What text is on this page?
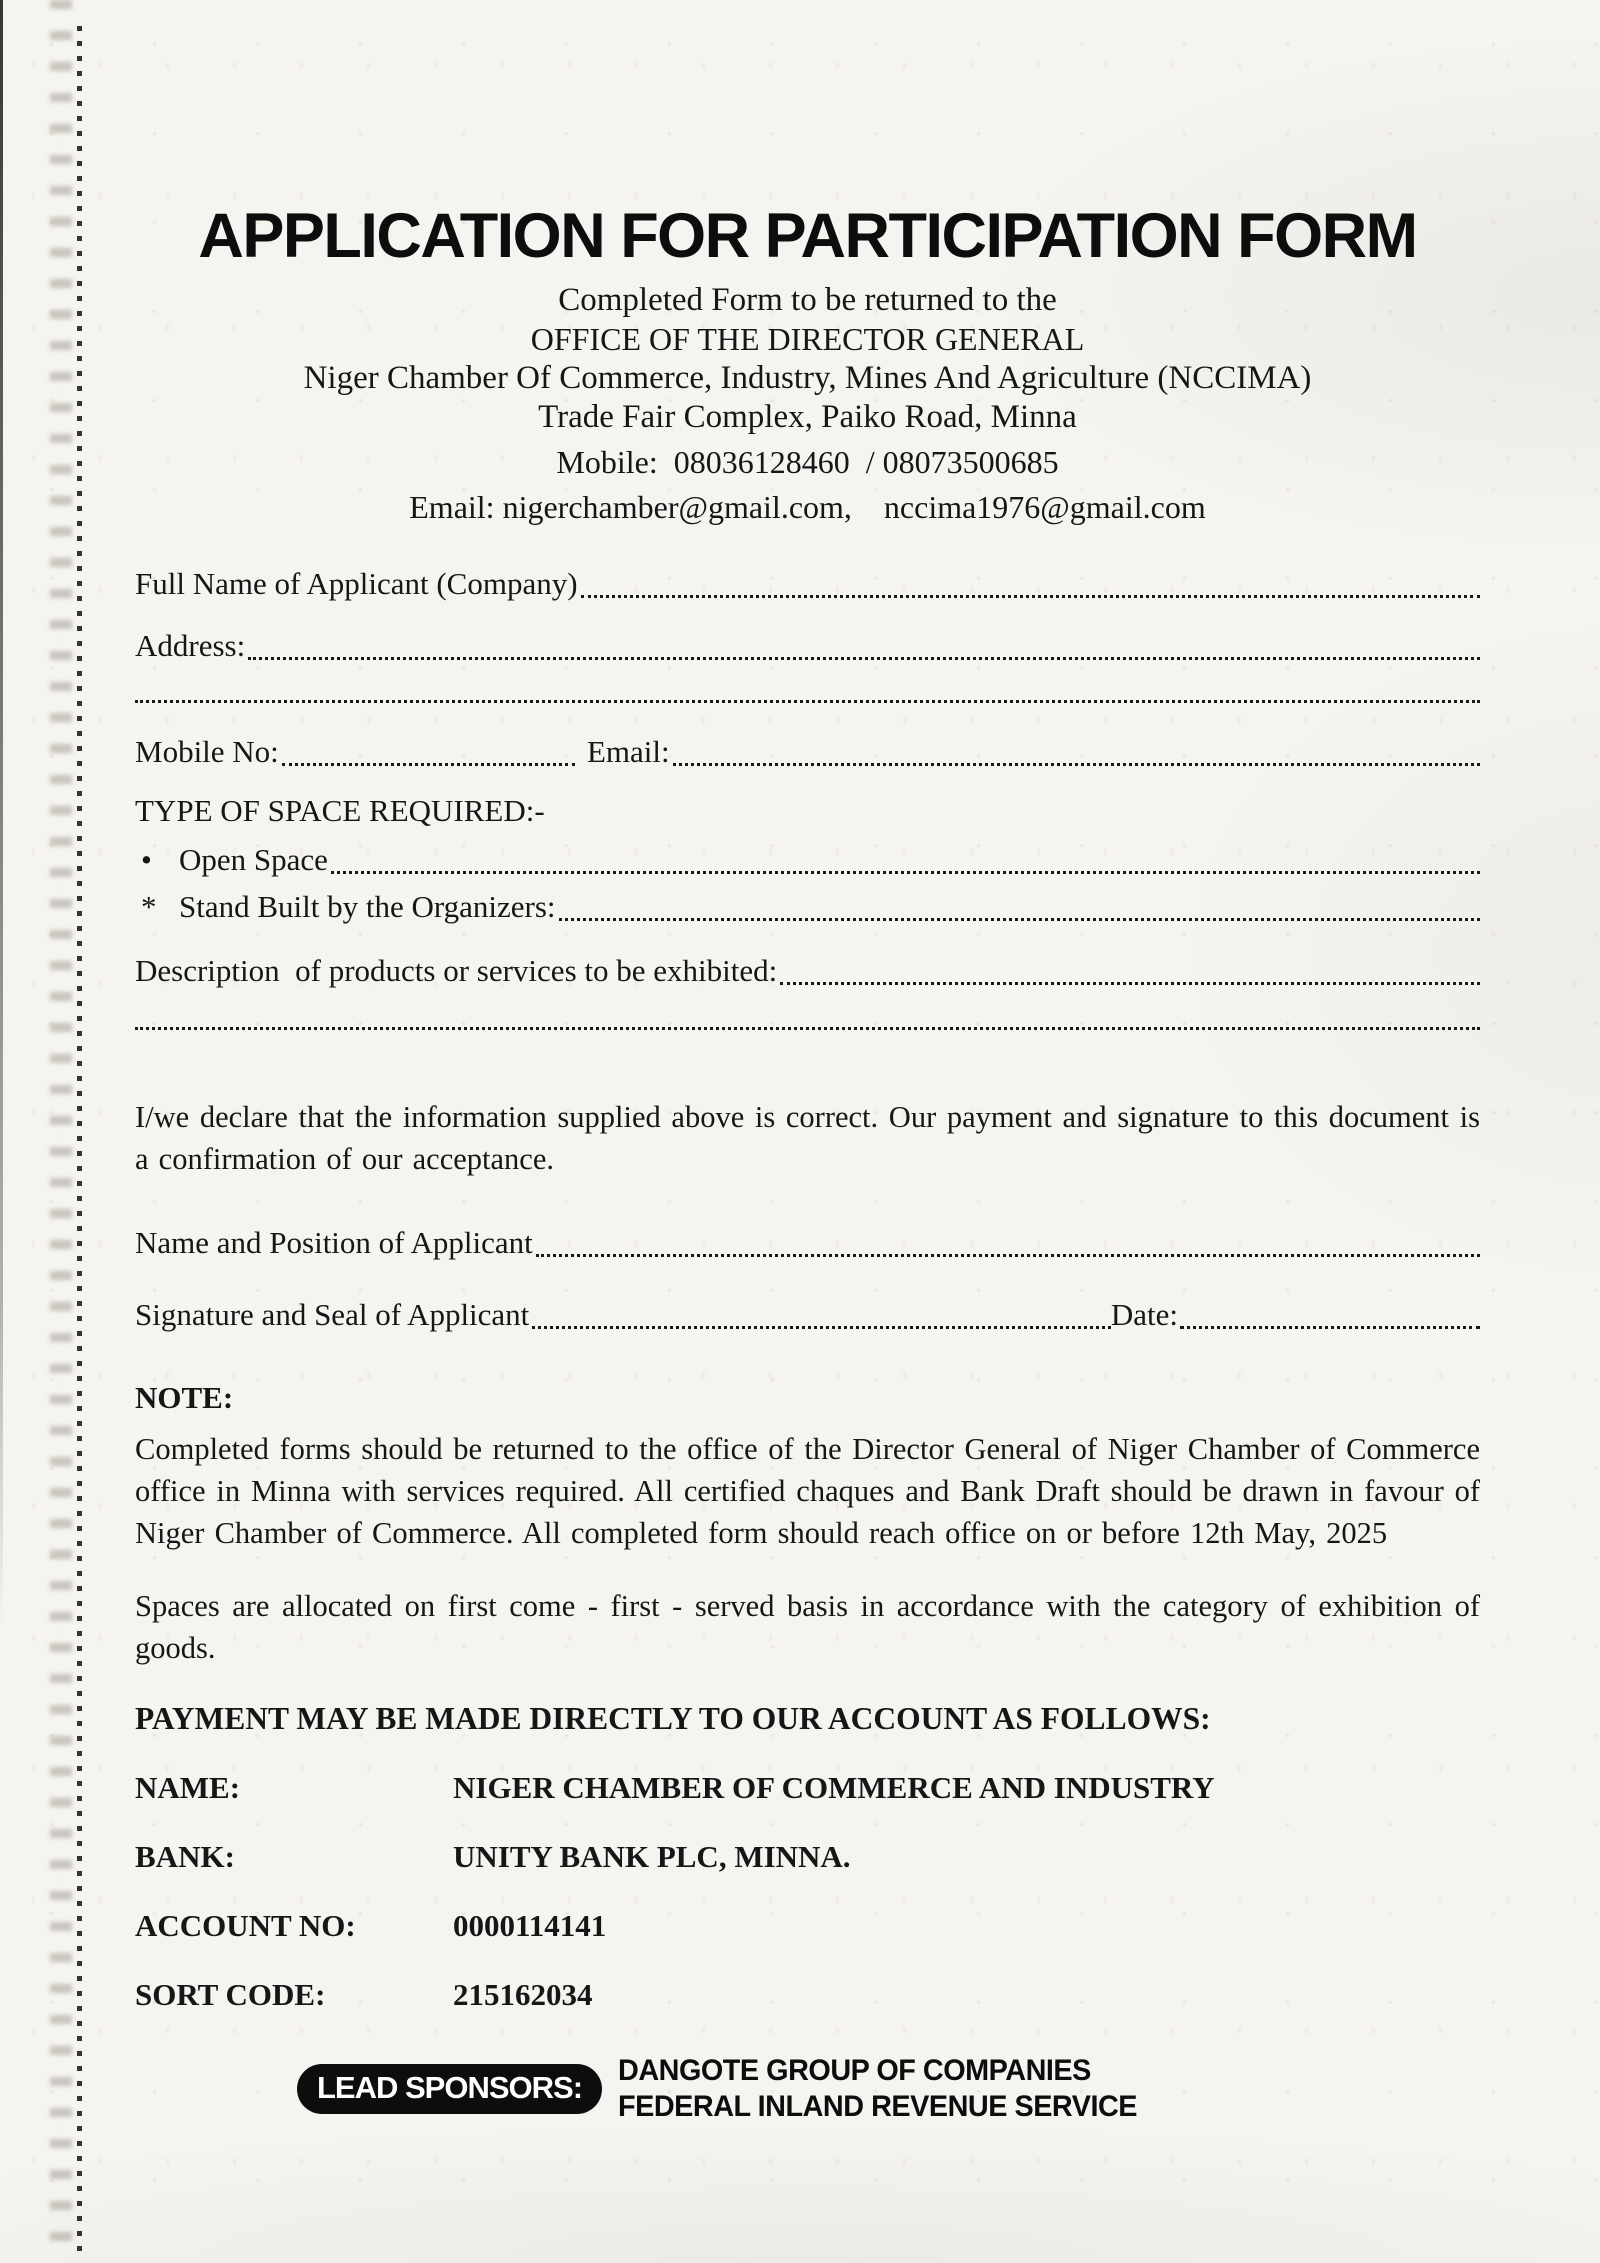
APPLICATION FOR PARTICIPATION FORM
Completed Form to be returned to the
OFFICE OF THE DIRECTOR GENERAL
Niger Chamber Of Commerce, Industry, Mines And Agriculture (NCCIMA)
Trade Fair Complex, Paiko Road, Minna
Mobile:  08036128460  / 08073500685
Email: nigerchamber@gmail.com,    nccima1976@gmail.com
Full Name of Applicant (Company)
Address:
Mobile No:	Email:
TYPE OF SPACE REQUIRED:-
• Open Space
* Stand Built by the Organizers:
Description  of products or services to be exhibited:

I/we declare that the information supplied above is correct. Our payment and signature to this document is a confirmation of our acceptance.

Name and Position of Applicant
Signature and Seal of Applicant	Date:
NOTE:

Completed forms should be returned to the office of the Director General of Niger Chamber of Commerce office in Minna with services required. All certified chaques and Bank Draft should be drawn in favour of Niger Chamber of Commerce. All completed form should reach office on or before 12th May, 2025

Spaces are allocated on first come - first - served basis in accordance with the category of exhibition of goods.

PAYMENT MAY BE MADE DIRECTLY TO OUR ACCOUNT AS FOLLOWS:
NAME:	NIGER CHAMBER OF COMMERCE AND INDUSTRY
BANK:	UNITY BANK PLC, MINNA.
ACCOUNT NO:	0000114141
SORT CODE:	215162034
LEAD SPONSORS:	DANGOTE GROUP OF COMPANIES
FEDERAL INLAND REVENUE SERVICE
